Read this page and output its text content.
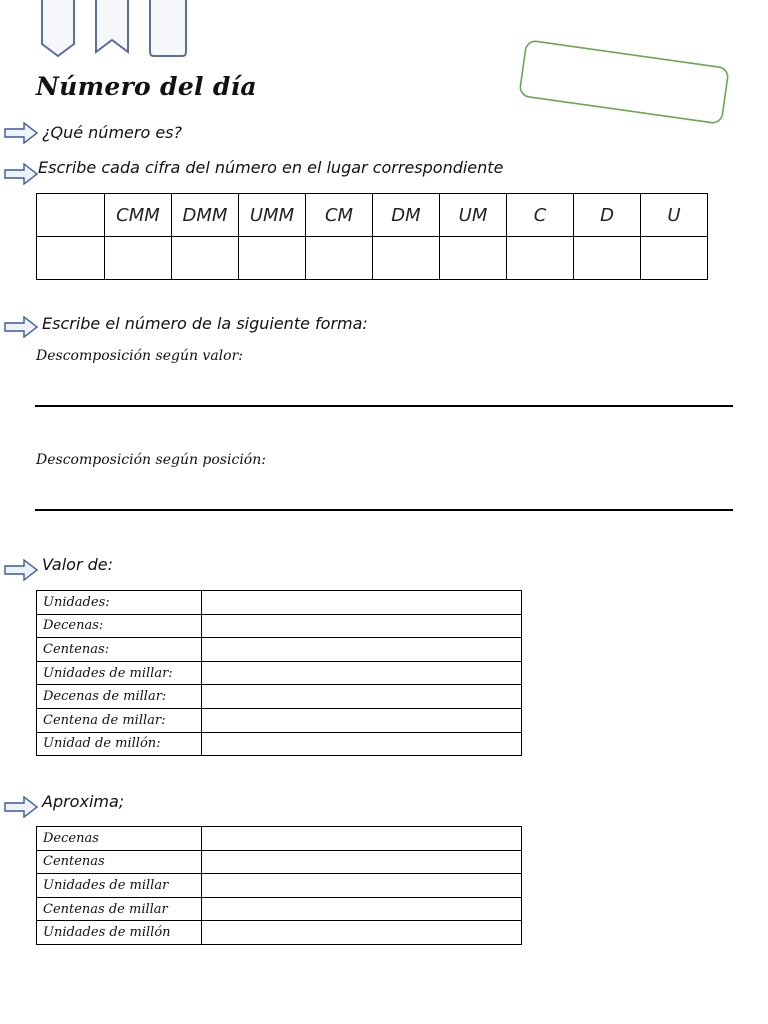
Número del día
¿Qué número es?
Escribe cada cifra del número en el lugar correspondiente
	CMM	DMM	UMM	CM	DM	UM	C	D	U

Escribe el número de la siguiente forma:
Descomposición según valor:
Descomposición según posición:
Valor de:
Unidades:	
Decenas:	
Centenas:	
Unidades de millar:	
Decenas de millar:	
Centena de millar:	
Unidad de millón:	
Aproxima;
Decenas	
Centenas	
Unidades de millar	
Centenas de millar	
Unidades de millón	
